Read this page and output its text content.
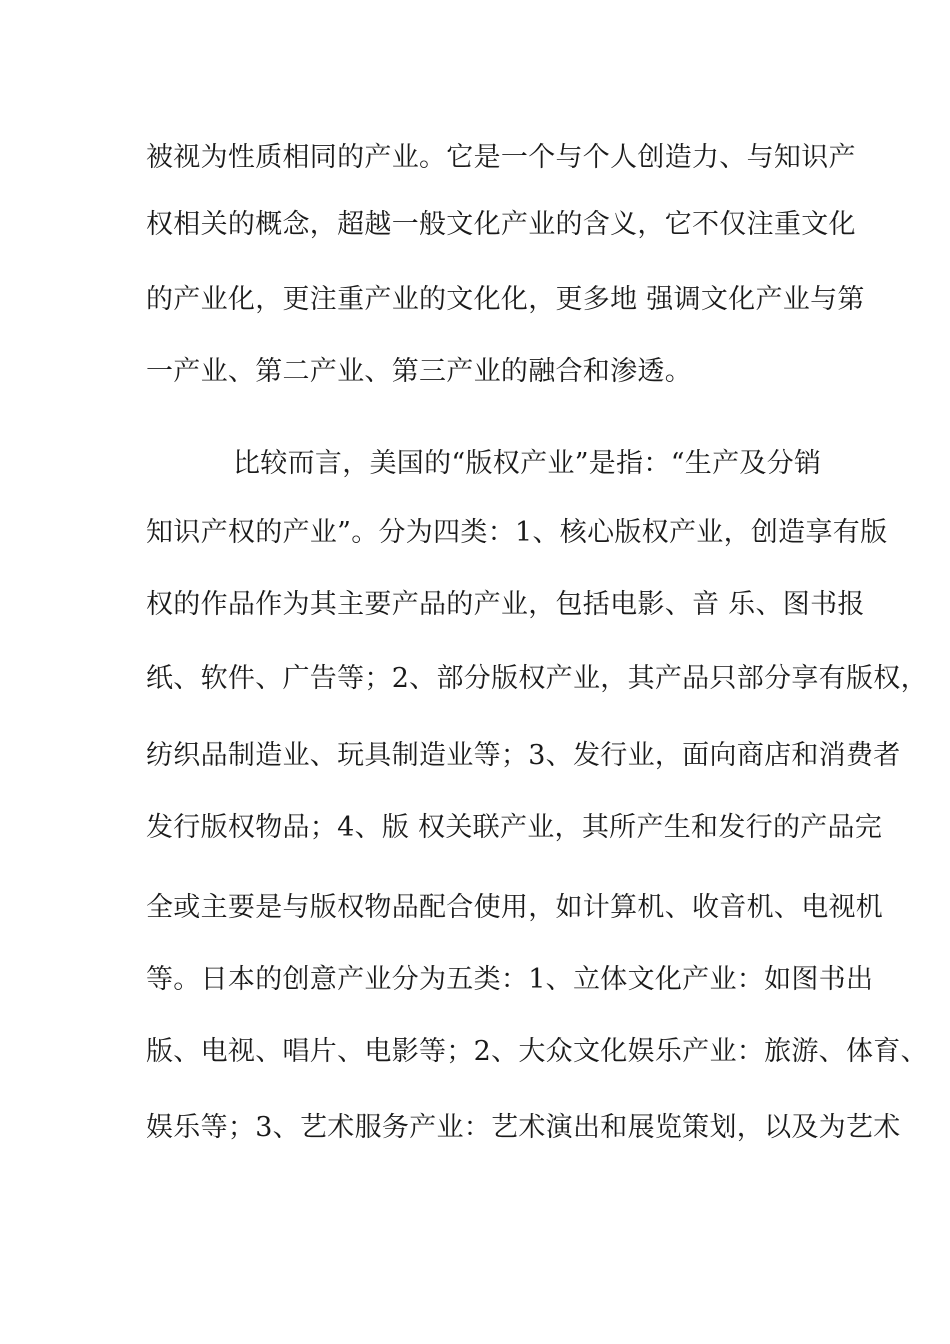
被视为性质相同的产业。它是一个与个人创造力、与知识产
权相关的概念，超越一般文化产业的含义，它不仅注重文化
的产业化，更注重产业的文化化，更多地 强调文化产业与第
一产业、第二产业、第三产业的融合和渗透。
比较而言，美国的“版权产业”是指：“生产及分销
知识产权的产业”。分为四类：1、核心版权产业，创造享有版
权的作品作为其主要产品的产业，包括电影、音 乐、图书报
纸、软件、广告等；2、部分版权产业，其产品只部分享有版权，
纺织品制造业、玩具制造业等；3、发行业，面向商店和消费者
发行版权物品；4、版 权关联产业，其所产生和发行的产品完
全或主要是与版权物品配合使用，如计算机、收音机、电视机
等。日本的创意产业分为五类：1、立体文化产业：如图书出
版、电视、唱片、电影等；2、大众文化娱乐产业：旅游、体育、
娱乐等；3、艺术服务产业：艺术演出和展览策划，以及为艺术
